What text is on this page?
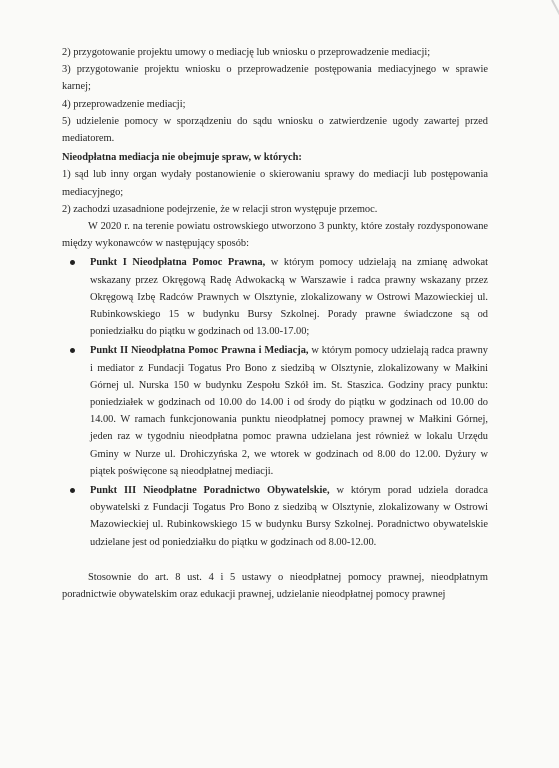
2) przygotowanie projektu umowy o mediację lub wniosku o przeprowadzenie mediacji;

3) przygotowanie projektu wniosku o przeprowadzenie postępowania mediacyjnego w sprawie karnej;

4) przeprowadzenie mediacji;

5) udzielenie pomocy w sporządzeniu do sądu wniosku o zatwierdzenie ugody zawartej przed mediatorem.

Nieodpłatna mediacja nie obejmuje spraw, w których:

1) sąd lub inny organ wydały postanowienie o skierowaniu sprawy do mediacji lub postępowania mediacyjnego;

2) zachodzi uzasadnione podejrzenie, że w relacji stron występuje przemoc.

W 2020 r. na terenie powiatu ostrowskiego utworzono 3 punkty, które zostały rozdysponowane między wykonawców w następujący sposób:

Punkt I Nieodpłatna Pomoc Prawna, w którym pomocy udzielają na zmianę adwokat wskazany przez Okręgową Radę Adwokacką w Warszawie i radca prawny wskazany przez Okręgową Izbę Radców Prawnych w Olsztynie, zlokalizowany w Ostrowi Mazowieckiej ul. Rubinkowskiego 15 w budynku Bursy Szkolnej. Porady prawne świadczone są od poniedziałku do piątku w godzinach od 13.00-17.00;

Punkt II Nieodpłatna Pomoc Prawna i Mediacja, w którym pomocy udzielają radca prawny i mediator z Fundacji Togatus Pro Bono z siedzibą w Olsztynie, zlokalizowany w Małkini Górnej ul. Nurska 150 w budynku Zespołu Szkół im. St. Staszica. Godziny pracy punktu: poniedziałek w godzinach od 10.00 do 14.00 i od środy do piątku w godzinach od 10.00 do 14.00. W ramach funkcjonowania punktu nieodpłatnej pomocy prawnej w Małkini Górnej, jeden raz w tygodniu nieodpłatna pomoc prawna udzielana jest również w lokalu Urzędu Gminy w Nurze ul. Drohiczyńska 2, we wtorek w godzinach od 8.00 do 12.00. Dyżury w piątek poświęcone są nieodpłatnej mediacji.

Punkt III Nieodpłatne Poradnictwo Obywatelskie, w którym porad udziela doradca obywatelski z Fundacji Togatus Pro Bono z siedzibą w Olsztynie, zlokalizowany w Ostrowi Mazowieckiej ul. Rubinkowskiego 15 w budynku Bursy Szkolnej. Poradnictwo obywatelskie udzielane jest od poniedziałku do piątku w godzinach od 8.00-12.00.

Stosownie do art. 8 ust. 4 i 5 ustawy o nieodpłatnej pomocy prawnej, nieodpłatnym poradnictwie obywatelskim oraz edukacji prawnej, udzielanie nieodpłatnej pomocy prawnej
